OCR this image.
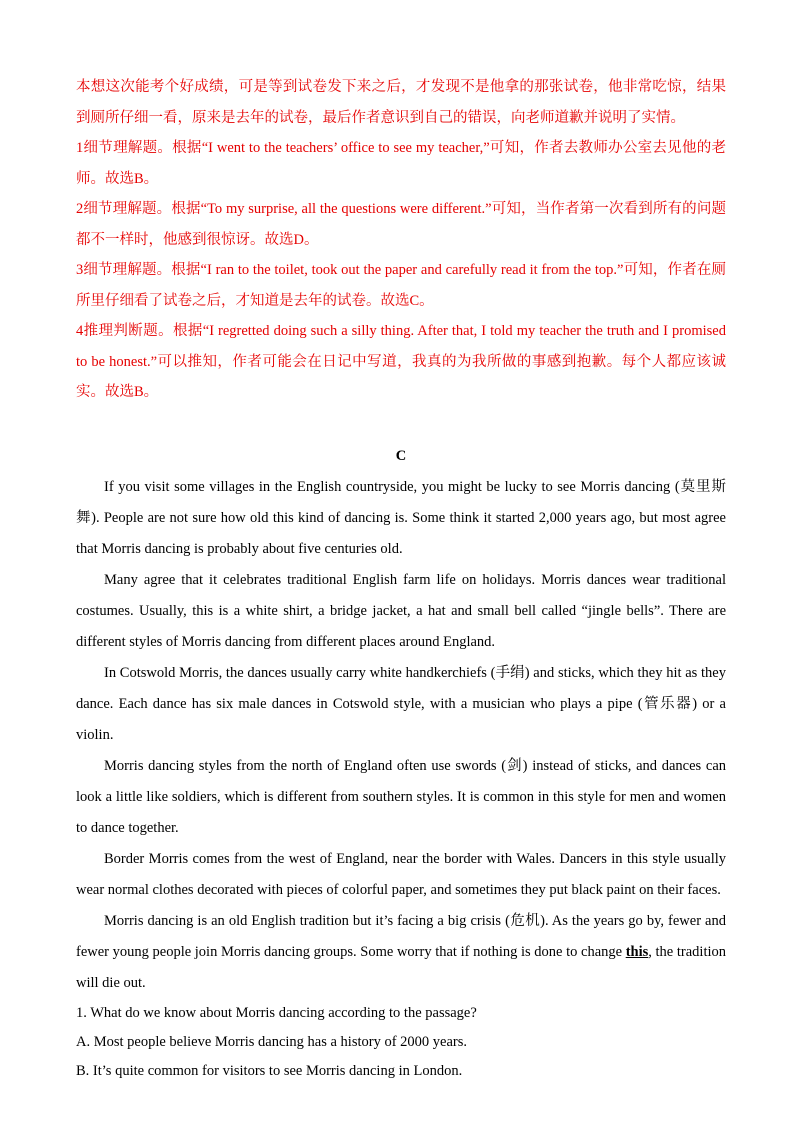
本想这次能考个好成绩，可是等到试卷发下来之后，才发现不是他拿的那张试卷，他非常吃惊，结果到厕所仔细一看，原来是去年的试卷，最后作者意识到自己的错误，向老师道歉并说明了实情。

1细节理解题。根据“I went to the teachers’ office to see my teacher,”可知，作者去教师办公室去见他的老师。故选B。

2细节理解题。根据“To my surprise, all the questions were different.”可知，当作者第一次看到所有的问题都不一样时，他感到很惊讶。故选D。

3细节理解题。根据“I ran to the toilet, took out the paper and carefully read it from the top.”可知，作者在厕所里仔细看了试卷之后，才知道是去年的试卷。故选C。

4推理判断题。根据“I regretted doing such a silly thing. After that, I told my teacher the truth and I promised to be honest.”可以推知，作者可能会在日记中写道，我真的为我所做的事感到抱歉。每个人都应该诚实。故选B。

C

If you visit some villages in the English countryside, you might be lucky to see Morris dancing (莫里斯舞). People are not sure how old this kind of dancing is. Some think it started 2,000 years ago, but most agree that Morris dancing is probably about five centuries old.

Many agree that it celebrates traditional English farm life on holidays. Morris dances wear traditional costumes. Usually, this is a white shirt, a bridge jacket, a hat and small bell called “jingle bells”. There are different styles of Morris dancing from different places around England.

In Cotswold Morris, the dances usually carry white handkerchiefs (手绢) and sticks, which they hit as they dance. Each dance has six male dances in Cotswold style, with a musician who plays a pipe (管乐器) or a violin.

Morris dancing styles from the north of England often use swords (剑) instead of sticks, and dances can look a little like soldiers, which is different from southern styles. It is common in this style for men and women to dance together.

Border Morris comes from the west of England, near the border with Wales. Dancers in this style usually wear normal clothes decorated with pieces of colorful paper, and sometimes they put black paint on their faces.

Morris dancing is an old English tradition but it’s facing a big crisis (危机). As the years go by, fewer and fewer young people join Morris dancing groups. Some worry that if nothing is done to change this, the tradition will die out.

1. What do we know about Morris dancing according to the passage?

A. Most people believe Morris dancing has a history of 2000 years.

B. It’s quite common for visitors to see Morris dancing in London.
